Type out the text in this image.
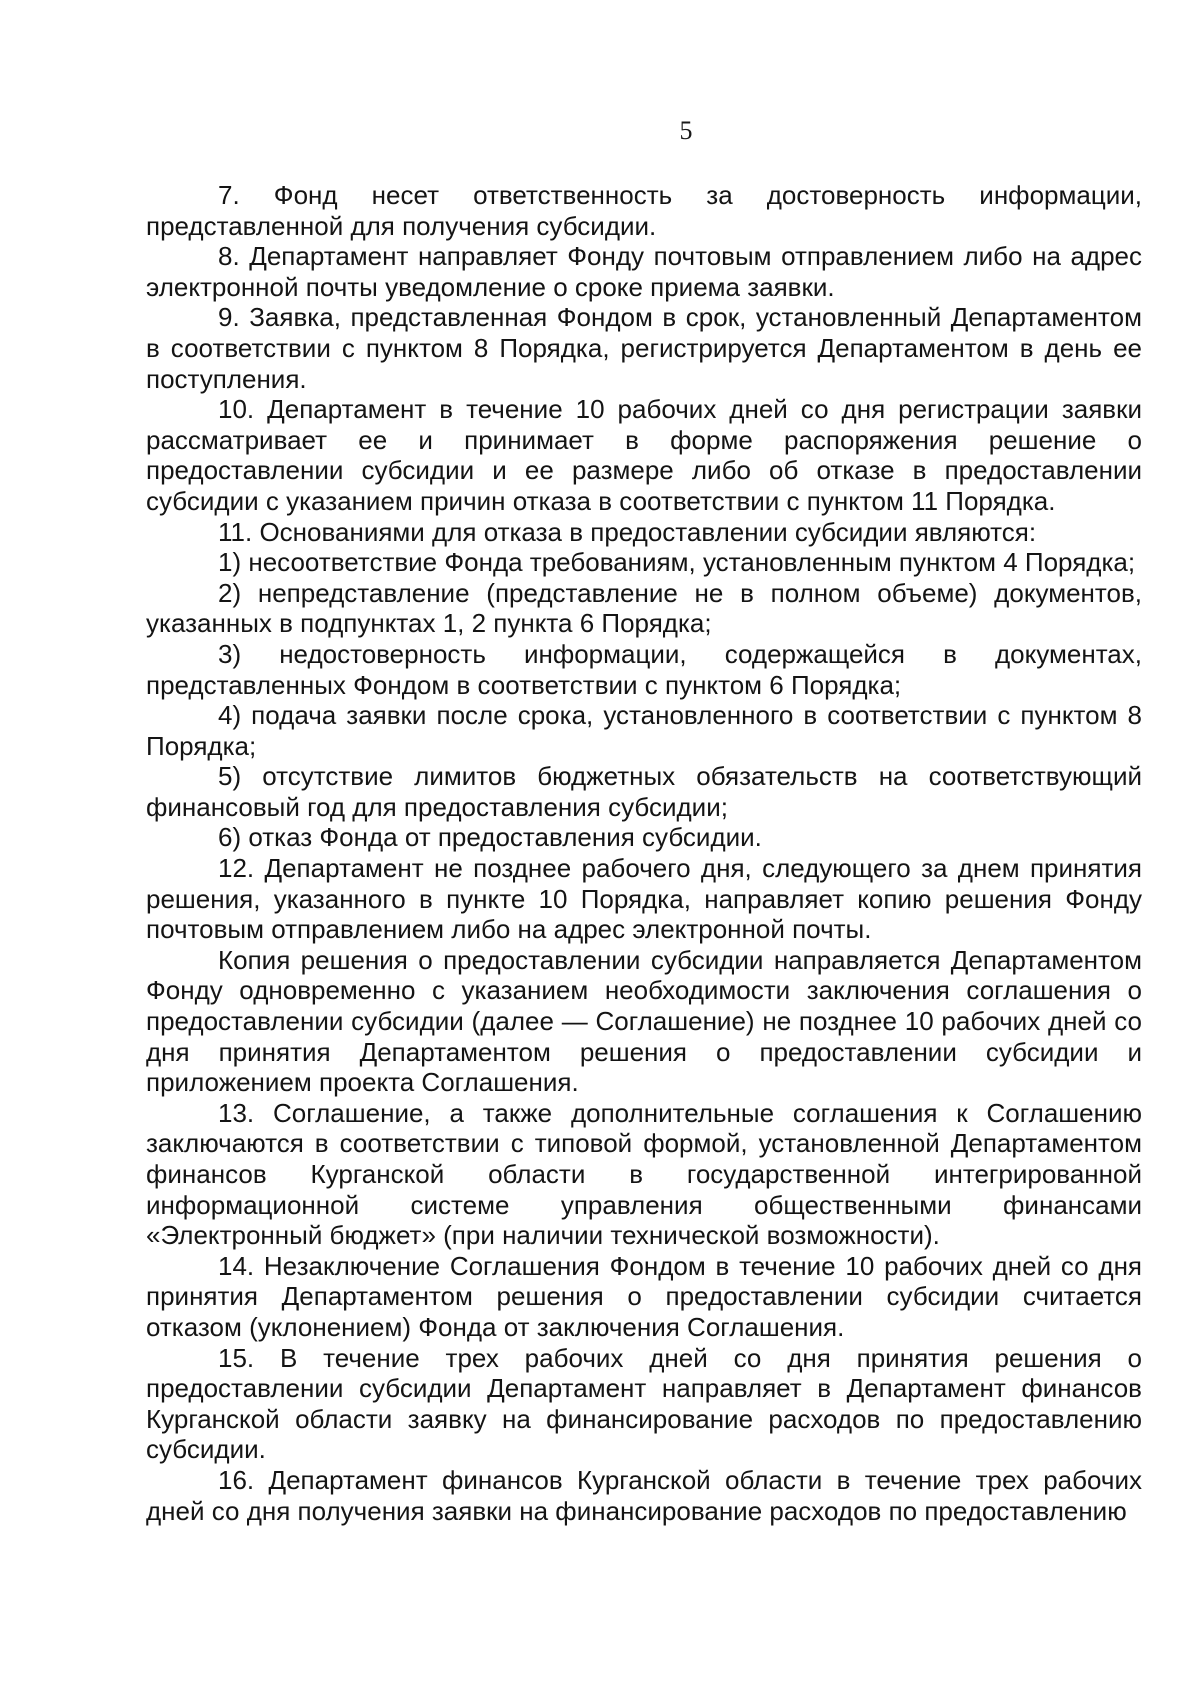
5

7. Фонд несет ответственность за достоверность информации, представленной для получения субсидии.

8. Департамент направляет Фонду почтовым отправлением либо на адрес электронной почты уведомление о сроке приема заявки.

9. Заявка, представленная Фондом в срок, установленный Департаментом в соответствии с пунктом 8 Порядка, регистрируется Департаментом в день ее поступления.

10. Департамент в течение 10 рабочих дней со дня регистрации заявки рассматривает ее и принимает в форме распоряжения решение о предоставлении субсидии и ее размере либо об отказе в предоставлении субсидии с указанием причин отказа в соответствии с пунктом 11 Порядка.

11. Основаниями для отказа в предоставлении субсидии являются:

1) несоответствие Фонда требованиям, установленным пунктом 4 Порядка;

2) непредставление (представление не в полном объеме) документов, указанных в подпунктах 1, 2 пункта 6 Порядка;

3) недостоверность информации, содержащейся в документах, представленных Фондом в соответствии с пунктом 6 Порядка;

4) подача заявки после срока, установленного в соответствии с пунктом 8 Порядка;

5) отсутствие лимитов бюджетных обязательств на соответствующий финансовый год для предоставления субсидии;

6) отказ Фонда от предоставления субсидии.

12. Департамент не позднее рабочего дня, следующего за днем принятия решения, указанного в пункте 10 Порядка, направляет копию решения Фонду почтовым отправлением либо на адрес электронной почты.

Копия решения о предоставлении субсидии направляется Департаментом Фонду одновременно с указанием необходимости заключения соглашения о предоставлении субсидии (далее — Соглашение) не позднее 10 рабочих дней со дня принятия Департаментом решения о предоставлении субсидии и приложением проекта Соглашения.

13. Соглашение, а также дополнительные соглашения к Соглашению заключаются в соответствии с типовой формой, установленной Департаментом финансов Курганской области в государственной интегрированной информационной системе управления общественными финансами «Электронный бюджет» (при наличии технической возможности).

14. Незаключение Соглашения Фондом в течение 10 рабочих дней со дня принятия Департаментом решения о предоставлении субсидии считается отказом (уклонением) Фонда от заключения Соглашения.

15. В течение трех рабочих дней со дня принятия решения о предоставлении субсидии Департамент направляет в Департамент финансов Курганской области заявку на финансирование расходов по предоставлению субсидии.

16. Департамент финансов Курганской области в течение трех рабочих дней со дня получения заявки на финансирование расходов по предоставлению
